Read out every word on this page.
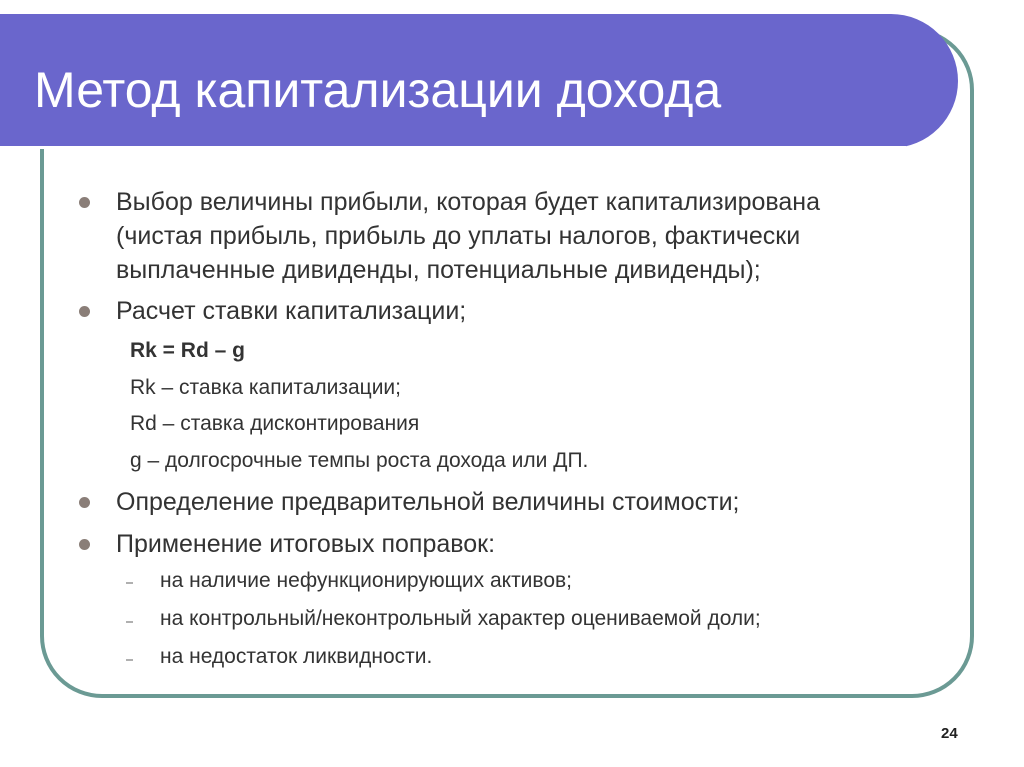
Метод капитализации дохода
Выбор величины прибыли, которая будет капитализирована
(чистая прибыль, прибыль до уплаты налогов, фактически
выплаченные дивиденды, потенциальные дивиденды);
Расчет ставки капитализации;
Rk = Rd – g
Rk – ставка капитализации;
Rd – ставка дисконтирования
g – долгосрочные темпы роста дохода или ДП.
Определение предварительной величины стоимости;
Применение итоговых поправок:
на наличие нефункционирующих активов;
на контрольный/неконтрольный характер оцениваемой доли;
на недостаток ликвидности.
24
